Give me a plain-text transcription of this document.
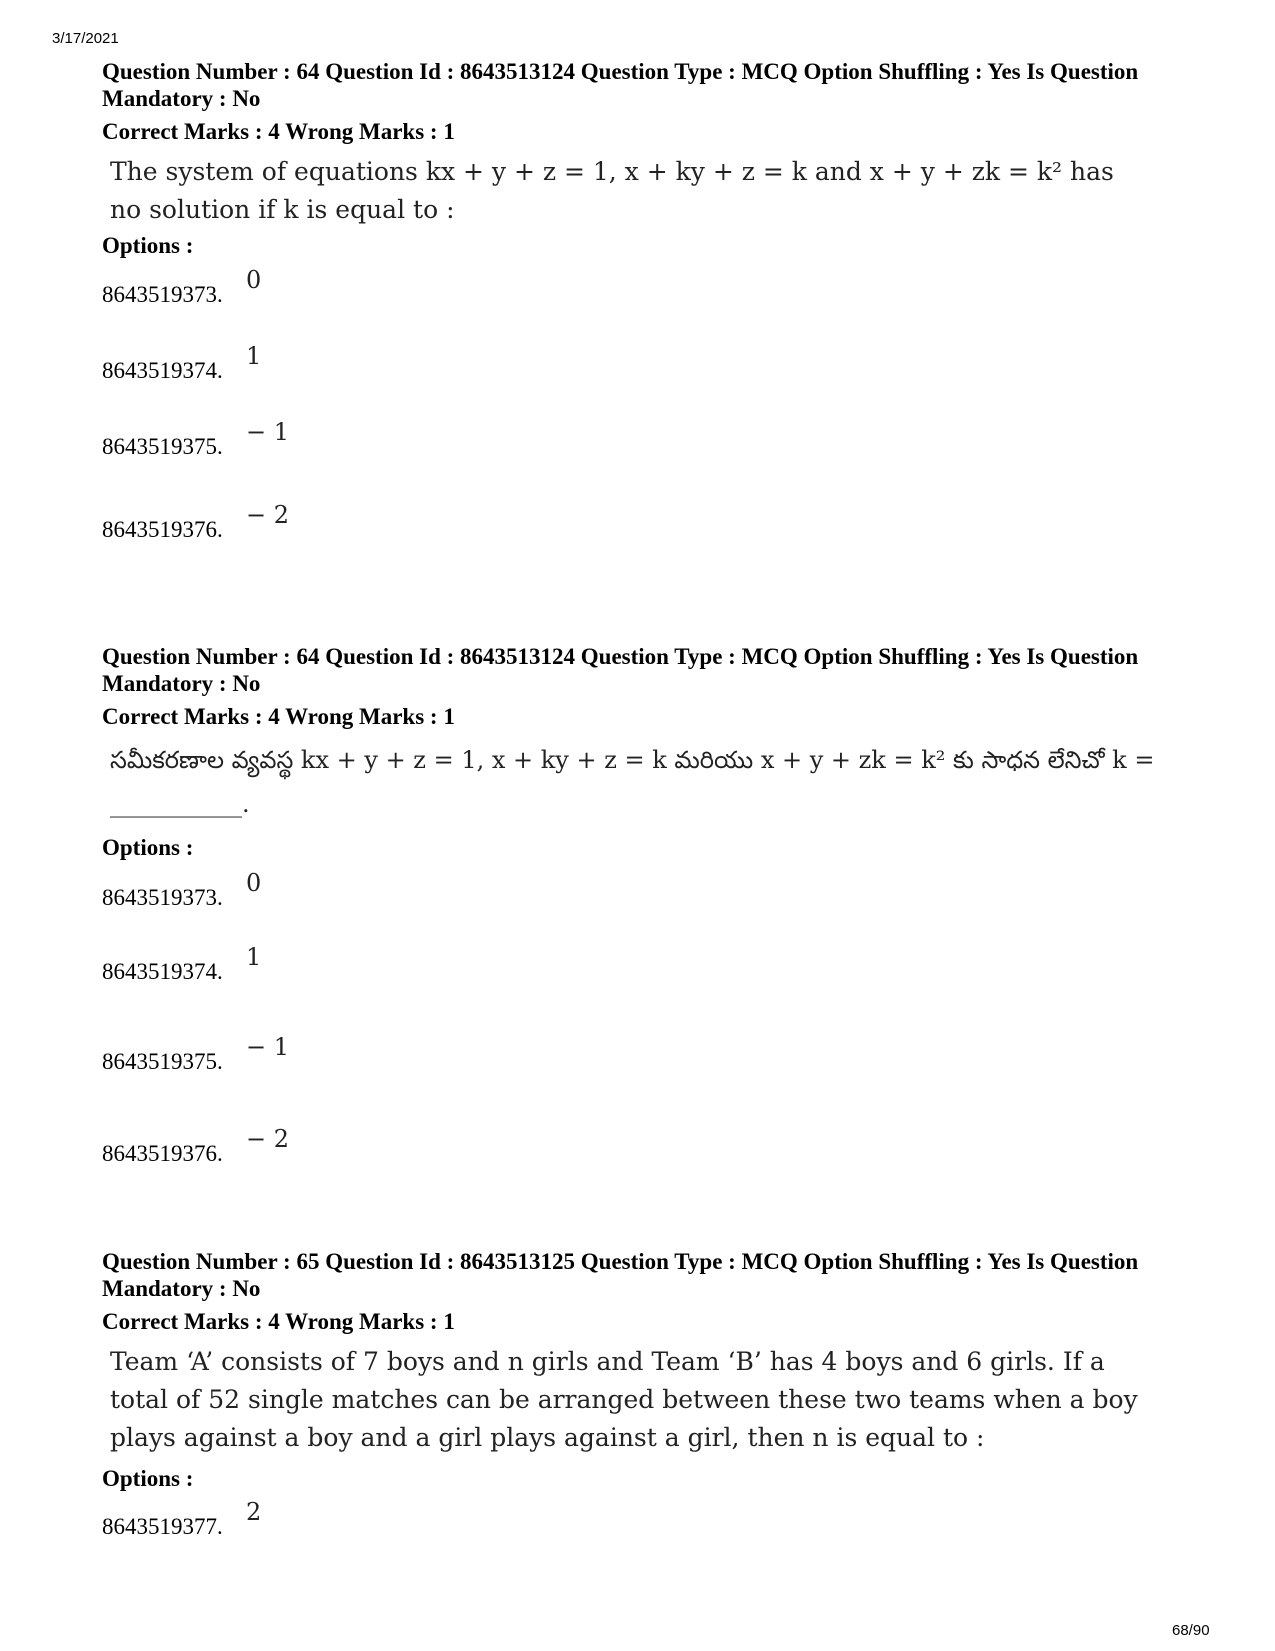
3/17/2021

Question Number : 64 Question Id : 8643513124 Question Type : MCQ Option Shuffling : Yes Is Question Mandatory : No

Correct Marks : 4 Wrong Marks : 1

The system of equations kx + y + z = 1, x + ky + z = k and x + y + zk = k² has no solution if k is equal to :

Options :

8643519373.
0
8643519374.
1
8643519375.
− 1
8643519376.
− 2

Question Number : 64 Question Id : 8643513124 Question Type : MCQ Option Shuffling : Yes Is Question Mandatory : No

Correct Marks : 4 Wrong Marks : 1

సమీకరణాల వ్యవస్థ kx + y + z = 1, x + ky + z = k మరియు x + y + zk = k² కు సాధన లేనిచో k = ___________.

Options :

8643519373.
0
8643519374.
1
8643519375.
− 1
8643519376.
− 2

Question Number : 65 Question Id : 8643513125 Question Type : MCQ Option Shuffling : Yes Is Question Mandatory : No

Correct Marks : 4 Wrong Marks : 1

Team ‘A’ consists of 7 boys and n girls and Team ‘B’ has 4 boys and 6 girls. If a total of 52 single matches can be arranged between these two teams when a boy plays against a boy and a girl plays against a girl, then n is equal to :

Options :

8643519377.
2
68/90
